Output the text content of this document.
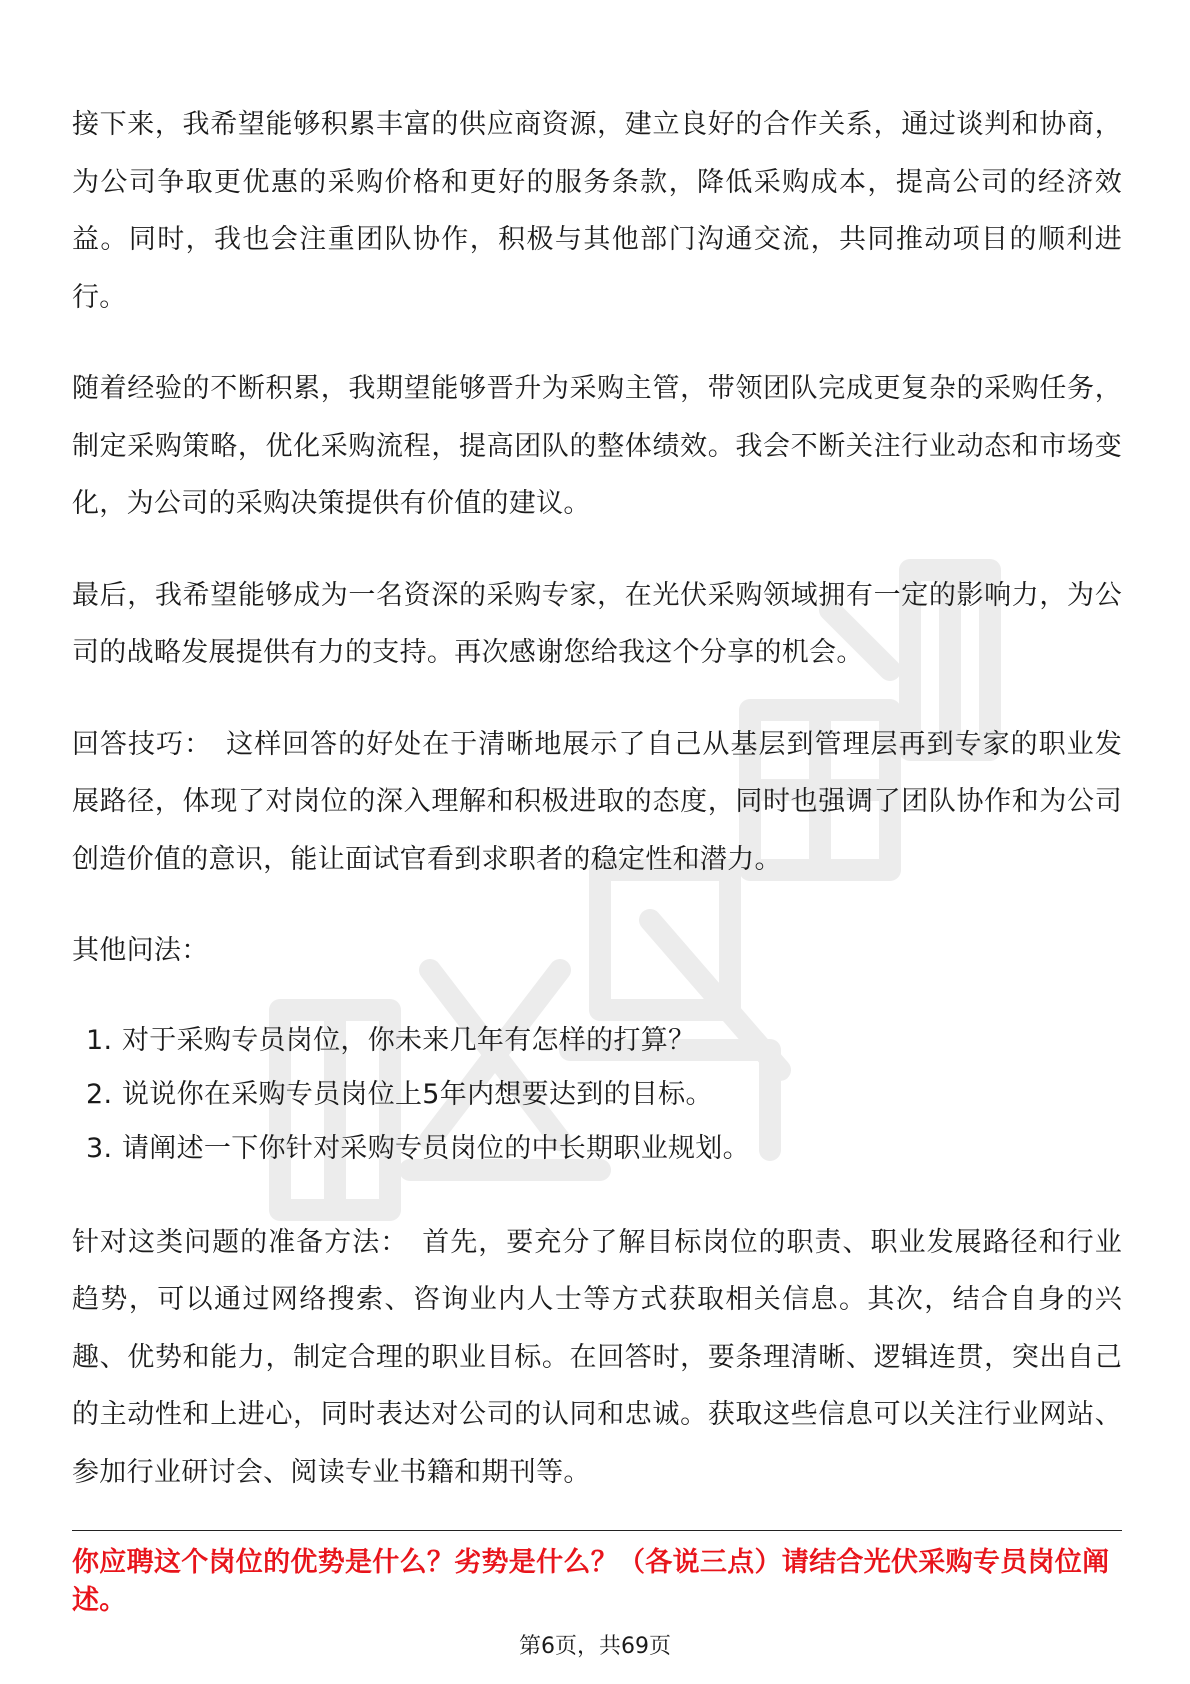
接下来，我希望能够积累丰富的供应商资源，建立良好的合作关系，通过谈判和协商，为公司争取更优惠的采购价格和更好的服务条款，降低采购成本，提高公司的经济效益。同时，我也会注重团队协作，积极与其他部门沟通交流，共同推动项目的顺利进行。

随着经验的不断积累，我期望能够晋升为采购主管，带领团队完成更复杂的采购任务，制定采购策略，优化采购流程，提高团队的整体绩效。我会不断关注行业动态和市场变化，为公司的采购决策提供有价值的建议。

最后，我希望能够成为一名资深的采购专家，在光伏采购领域拥有一定的影响力，为公司的战略发展提供有力的支持。再次感谢您给我这个分享的机会。

回答技巧： 这样回答的好处在于清晰地展示了自己从基层到管理层再到专家的职业发展路径，体现了对岗位的深入理解和积极进取的态度，同时也强调了团队协作和为公司创造价值的意识，能让面试官看到求职者的稳定性和潜力。

其他问法：

1. 对于采购专员岗位，你未来几年有怎样的打算？
2. 说说你在采购专员岗位上5年内想要达到的目标。
3. 请阐述一下你针对采购专员岗位的中长期职业规划。

针对这类问题的准备方法： 首先，要充分了解目标岗位的职责、职业发展路径和行业趋势，可以通过网络搜索、咨询业内人士等方式获取相关信息。其次，结合自身的兴趣、优势和能力，制定合理的职业目标。在回答时，要条理清晰、逻辑连贯，突出自己的主动性和上进心，同时表达对公司的认同和忠诚。获取这些信息可以关注行业网站、参加行业研讨会、阅读专业书籍和期刊等。

你应聘这个岗位的优势是什么？劣势是什么？（各说三点）请结合光伏采购专员岗位阐述。
第6页，共69页
